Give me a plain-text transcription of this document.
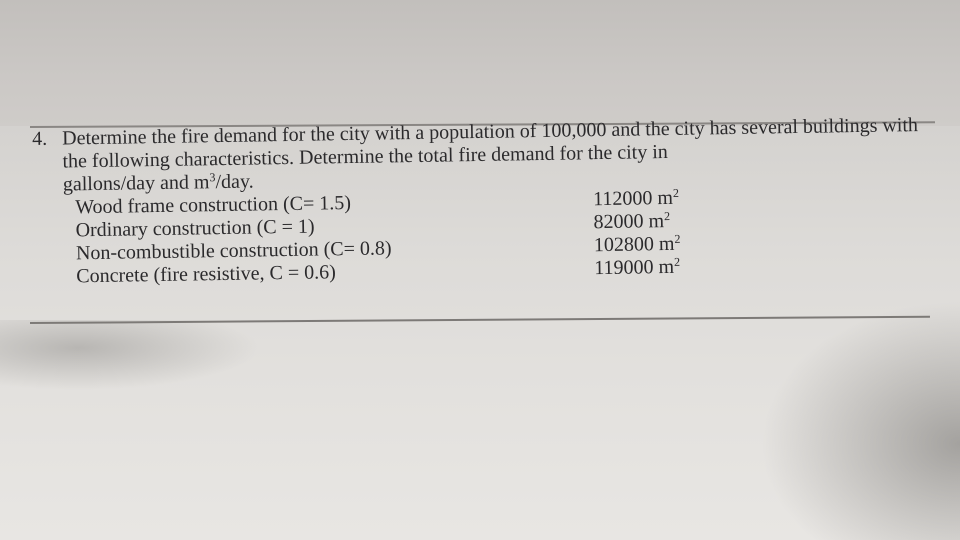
4. Determine the fire demand for the city with a population of 100,000 and the city has several buildings with the following characteristics. Determine the total fire demand for the city in
gallons/day and $m^3$/day.
Wood frame construction (C= 1.5)	112000 $m^2$
Ordinary construction (C = 1)	82000 $m^2$
Non-combustible construction (C= 0.8)	102800 $m^2$
Concrete (fire resistive, C = 0.6)	119000 $m^2$
